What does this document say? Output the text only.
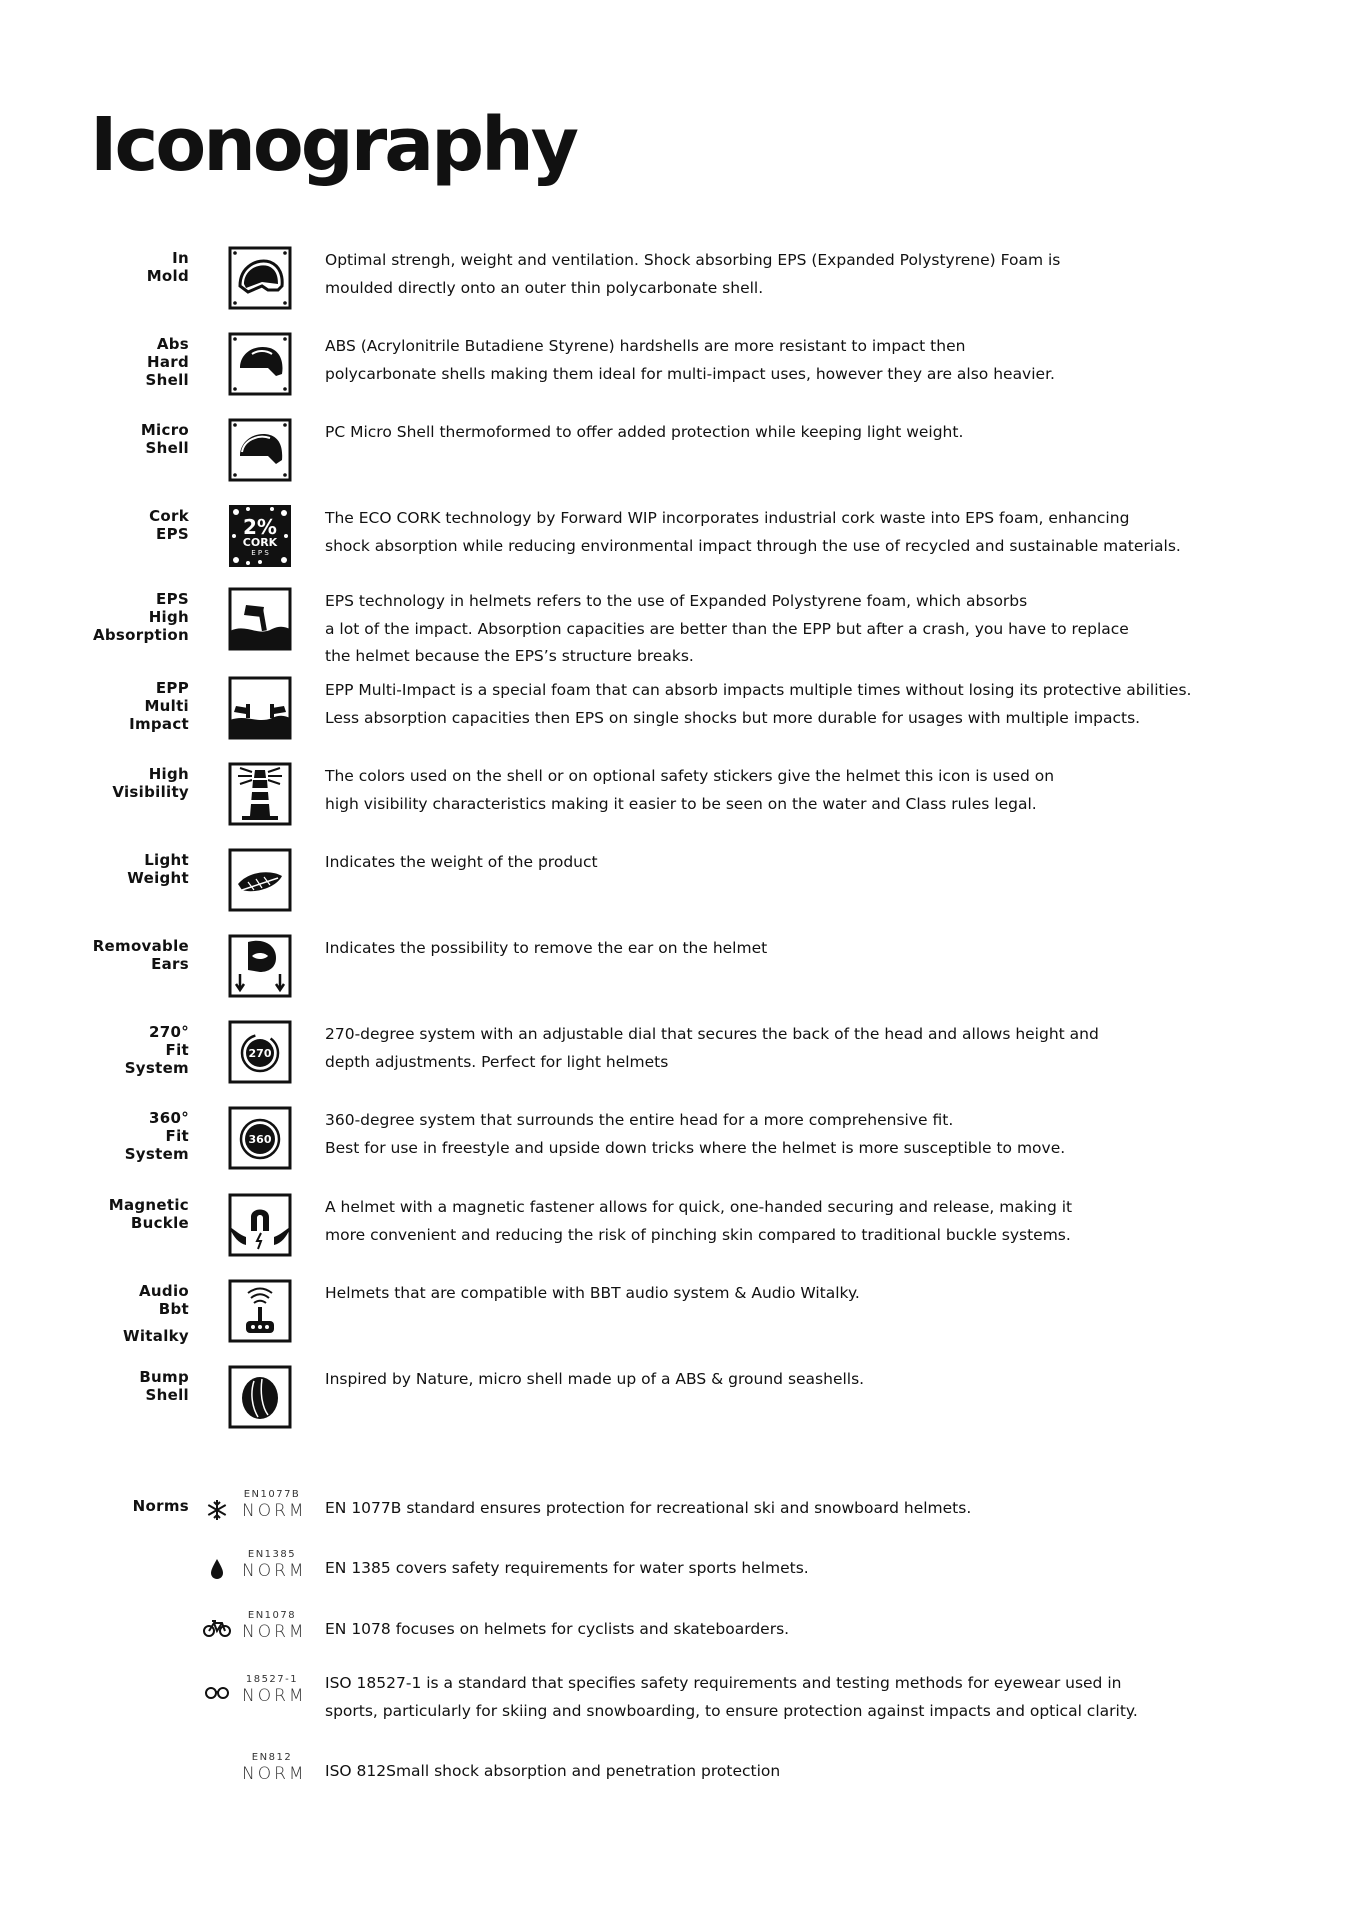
Iconography
In
Mold
Optimal strengh, weight and ventilation. Shock absorbing EPS (Expanded Polystyrene) Foam is
moulded directly onto an outer thin polycarbonate shell.
Abs
Hard
Shell
ABS (Acrylonitrile Butadiene Styrene) hardshells are more resistant to impact then
polycarbonate shells making them ideal for multi-impact uses, however they are also heavier.
Micro
Shell
PC Micro Shell thermoformed to offer added protection while keeping light weight.
Cork
EPS	2%
CORK
E P S
The ECO CORK technology by Forward WIP incorporates industrial cork waste into EPS foam, enhancing
shock absorption while reducing environmental impact through the use of recycled and sustainable materials.
EPS
High
Absorption
EPS technology in helmets refers to the use of Expanded Polystyrene foam, which absorbs
a lot of the impact. Absorption capacities are better than the EPP but after a crash, you have to replace
the helmet because the EPS’s structure breaks.
EPP
Multi
Impact
EPP Multi-Impact is a special foam that can absorb impacts multiple times without losing its protective abilities.
Less absorption capacities then EPS on single shocks but more durable for usages with multiple impacts.
High
Visibility
The colors used on the shell or on optional safety stickers give the helmet this icon is used on
high visibility characteristics making it easier to be seen on the water and Class rules legal.
Light
Weight
Indicates the weight of the product
Removable
Ears
Indicates the possibility to remove the ear on the helmet
270°
Fit
System
270
270-degree system with an adjustable dial that secures the back of the head and allows height and
depth adjustments. Perfect for light helmets
360°
Fit
System
360
360-degree system that surrounds the entire head for a more comprehensive fit.
Best for use in freestyle and upside down tricks where the helmet is more susceptible to move.
Magnetic
Buckle
A helmet with a magnetic fastener allows for quick, one-handed securing and release, making it
more convenient and reducing the risk of pinching skin compared to traditional buckle systems.
Audio
Bbt
Witalky
Helmets that are compatible with BBT audio system & Audio Witalky.
Bump
Shell
Inspired by Nature, micro shell made up of a ABS & ground seashells.
Norms
EN1077B
NORM EN 1077B standard ensures protection for recreational ski and snowboard helmets.
EN1385
NORM EN 1385 covers safety requirements for water sports helmets.
EN1078
NORM EN 1078 focuses on helmets for cyclists and skateboarders.
18527-1
NORM
ISO 18527-1 is a standard that specifies safety requirements and testing methods for eyewear used in
sports, particularly for skiing and snowboarding, to ensure protection against impacts and optical clarity.
EN812
NORM ISO 812Small shock absorption and penetration protection
